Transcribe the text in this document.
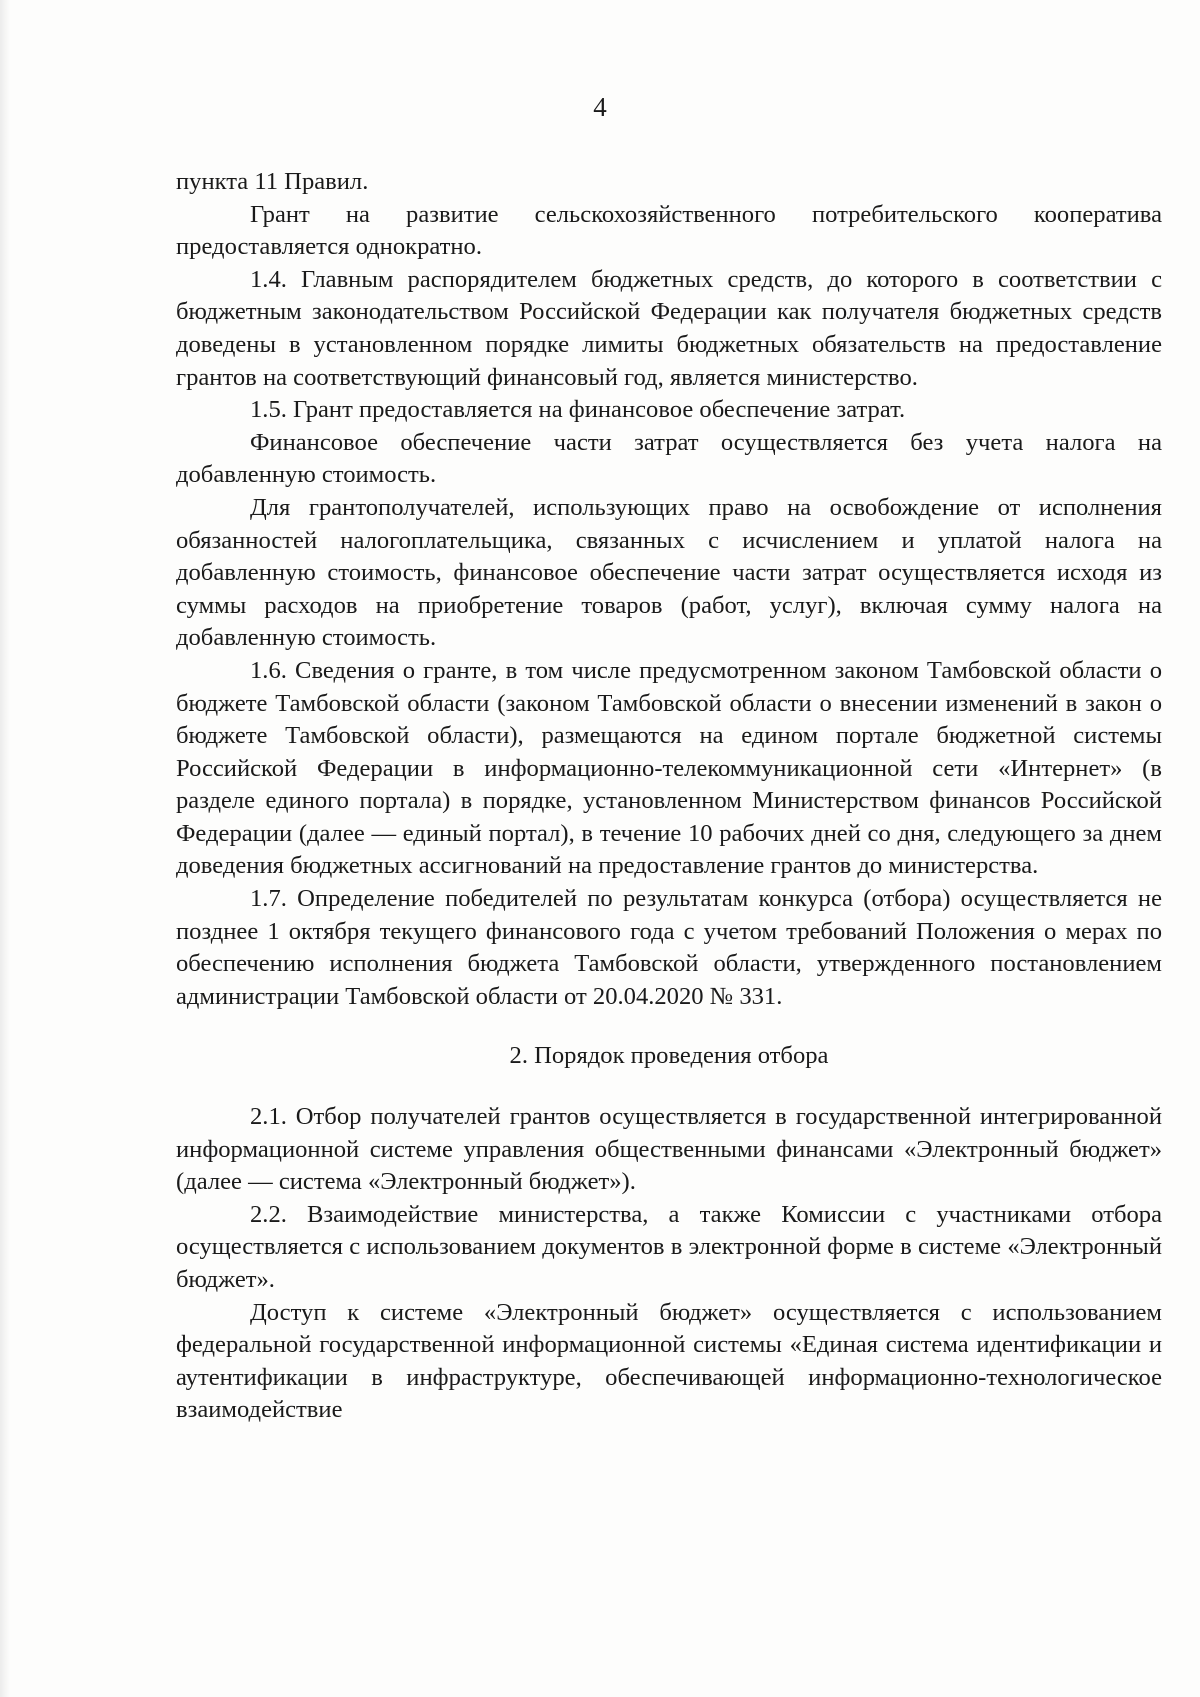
4

пункта 11 Правил.

Грант на развитие сельскохозяйственного потребительского кооператива предоставляется однократно.

1.4. Главным распорядителем бюджетных средств, до которого в соответствии с бюджетным законодательством Российской Федерации как получателя бюджетных средств доведены в установленном порядке лимиты бюджетных обязательств на предоставление грантов на соответствующий финансовый год, является министерство.

1.5. Грант предоставляется на финансовое обеспечение затрат.

Финансовое обеспечение части затрат осуществляется без учета налога на добавленную стоимость.

Для грантополучателей, использующих право на освобождение от исполнения обязанностей налогоплательщика, связанных с исчислением и уплатой налога на добавленную стоимость, финансовое обеспечение части затрат осуществляется исходя из суммы расходов на приобретение товаров (работ, услуг), включая сумму налога на добавленную стоимость.

1.6. Сведения о гранте, в том числе предусмотренном законом Тамбовской области о бюджете Тамбовской области (законом Тамбовской области о внесении изменений в закон о бюджете Тамбовской области), размещаются на едином портале бюджетной системы Российской Федерации в информационно-телекоммуникационной сети «Интернет» (в разделе единого портала) в порядке, установленном Министерством финансов Российской Федерации (далее — единый портал), в течение 10 рабочих дней со дня, следующего за днем доведения бюджетных ассигнований на предоставление грантов до министерства.

1.7. Определение победителей по результатам конкурса (отбора) осуществляется не позднее 1 октября текущего финансового года с учетом требований Положения о мерах по обеспечению исполнения бюджета Тамбовской области, утвержденного постановлением администрации Тамбовской области от 20.04.2020 № 331.

2. Порядок проведения отбора

2.1. Отбор получателей грантов осуществляется в государственной интегрированной информационной системе управления общественными финансами «Электронный бюджет» (далее — система «Электронный бюджет»).

2.2. Взаимодействие министерства, а также Комиссии с участниками отбора осуществляется с использованием документов в электронной форме в системе «Электронный бюджет».

Доступ к системе «Электронный бюджет» осуществляется с использованием федеральной государственной информационной системы «Единая система идентификации и аутентификации в инфраструктуре, обеспечивающей информационно-технологическое взаимодействие
